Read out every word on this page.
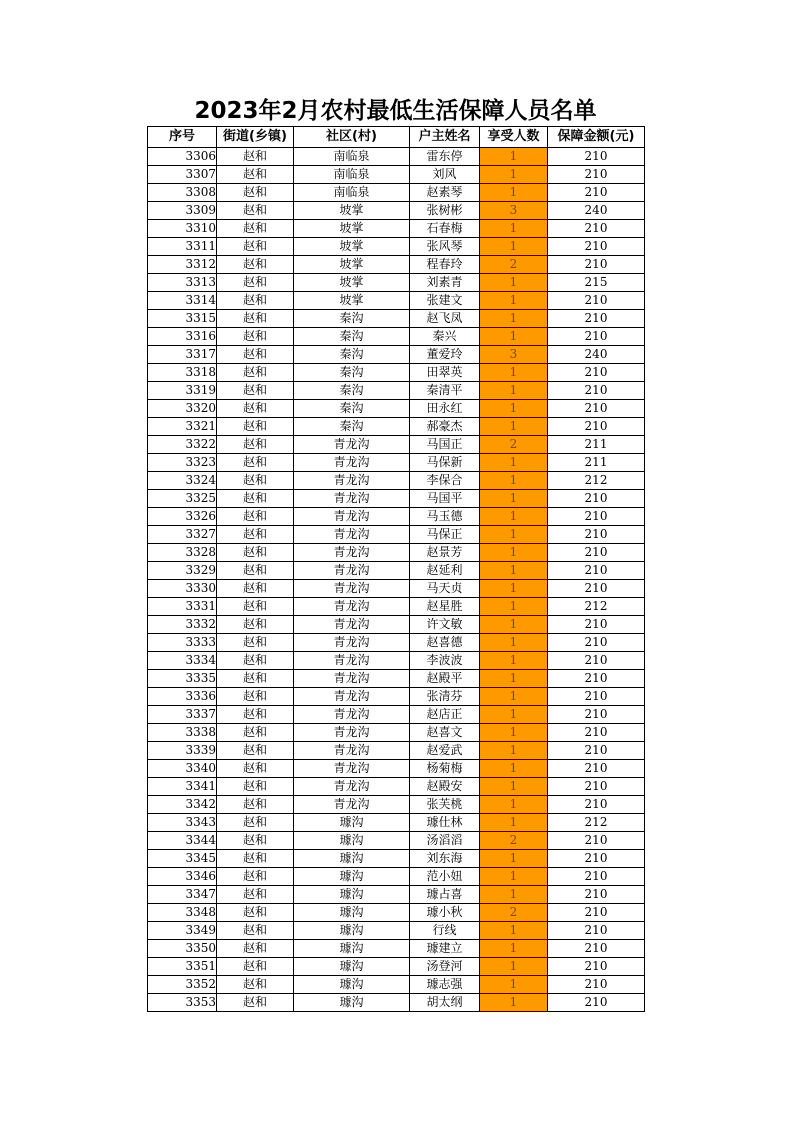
2023年2月农村最低生活保障人员名单
序号	街道(乡镇)	社区(村)	户主姓名	享受人数	保障金额(元)
3306	赵和	南临泉	雷东停	1	210
3307	赵和	南临泉	刘风	1	210
3308	赵和	南临泉	赵素琴	1	210
3309	赵和	坡掌	张树彬	3	240
3310	赵和	坡掌	石春梅	1	210
3311	赵和	坡掌	张风琴	1	210
3312	赵和	坡掌	程春玲	2	210
3313	赵和	坡掌	刘素青	1	215
3314	赵和	坡掌	张建文	1	210
3315	赵和	秦沟	赵飞凤	1	210
3316	赵和	秦沟	秦兴	1	210
3317	赵和	秦沟	董爱玲	3	240
3318	赵和	秦沟	田翠英	1	210
3319	赵和	秦沟	秦清平	1	210
3320	赵和	秦沟	田永红	1	210
3321	赵和	秦沟	郝豪杰	1	210
3322	赵和	青龙沟	马国正	2	211
3323	赵和	青龙沟	马保新	1	211
3324	赵和	青龙沟	李保合	1	212
3325	赵和	青龙沟	马国平	1	210
3326	赵和	青龙沟	马玉德	1	210
3327	赵和	青龙沟	马保正	1	210
3328	赵和	青龙沟	赵景芳	1	210
3329	赵和	青龙沟	赵延利	1	210
3330	赵和	青龙沟	马天贞	1	210
3331	赵和	青龙沟	赵星胜	1	212
3332	赵和	青龙沟	许文敏	1	210
3333	赵和	青龙沟	赵喜德	1	210
3334	赵和	青龙沟	李波波	1	210
3335	赵和	青龙沟	赵殿平	1	210
3336	赵和	青龙沟	张清芬	1	210
3337	赵和	青龙沟	赵店正	1	210
3338	赵和	青龙沟	赵喜文	1	210
3339	赵和	青龙沟	赵爱武	1	210
3340	赵和	青龙沟	杨菊梅	1	210
3341	赵和	青龙沟	赵殿安	1	210
3342	赵和	青龙沟	张芙桃	1	210
3343	赵和	璩沟	璩仕林	1	212
3344	赵和	璩沟	汤滔滔	2	210
3345	赵和	璩沟	刘东海	1	210
3346	赵和	璩沟	范小妞	1	210
3347	赵和	璩沟	璩占喜	1	210
3348	赵和	璩沟	璩小秋	2	210
3349	赵和	璩沟	行线	1	210
3350	赵和	璩沟	璩建立	1	210
3351	赵和	璩沟	汤登河	1	210
3352	赵和	璩沟	璩志强	1	210
3353	赵和	璩沟	胡太纲	1	210
